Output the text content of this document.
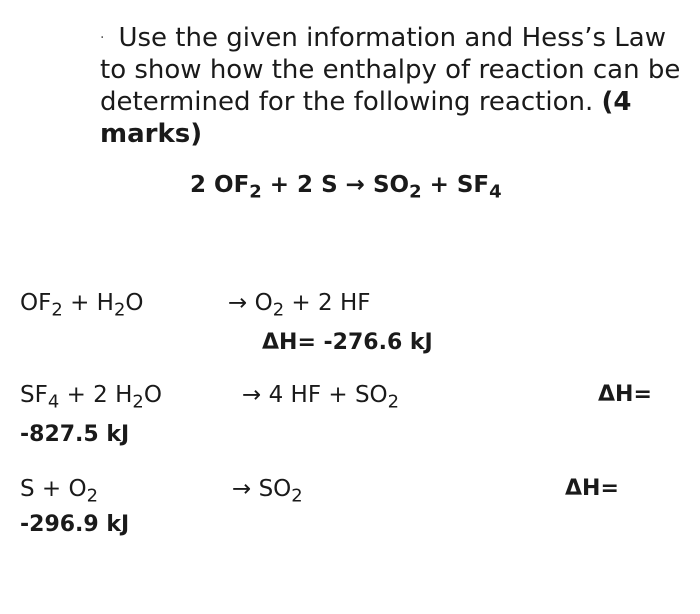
· Use the given information and Hess’s Law to show how the enthalpy of reaction can be determined for the following reaction. (4 marks)
2 $OF_2 + 2$ $S \to SO_2 + SF_4$
$OF_2 + H_2O$	→ $O_2 + 2$ HF
ΔH= -276.6 kJ
$SF_4 + 2$ $H_2O$	→ 4 HF + $SO_2$	ΔH=
-827.5 kJ
$S + O_2$	→ $SO_2$	ΔH=
-296.9 kJ
